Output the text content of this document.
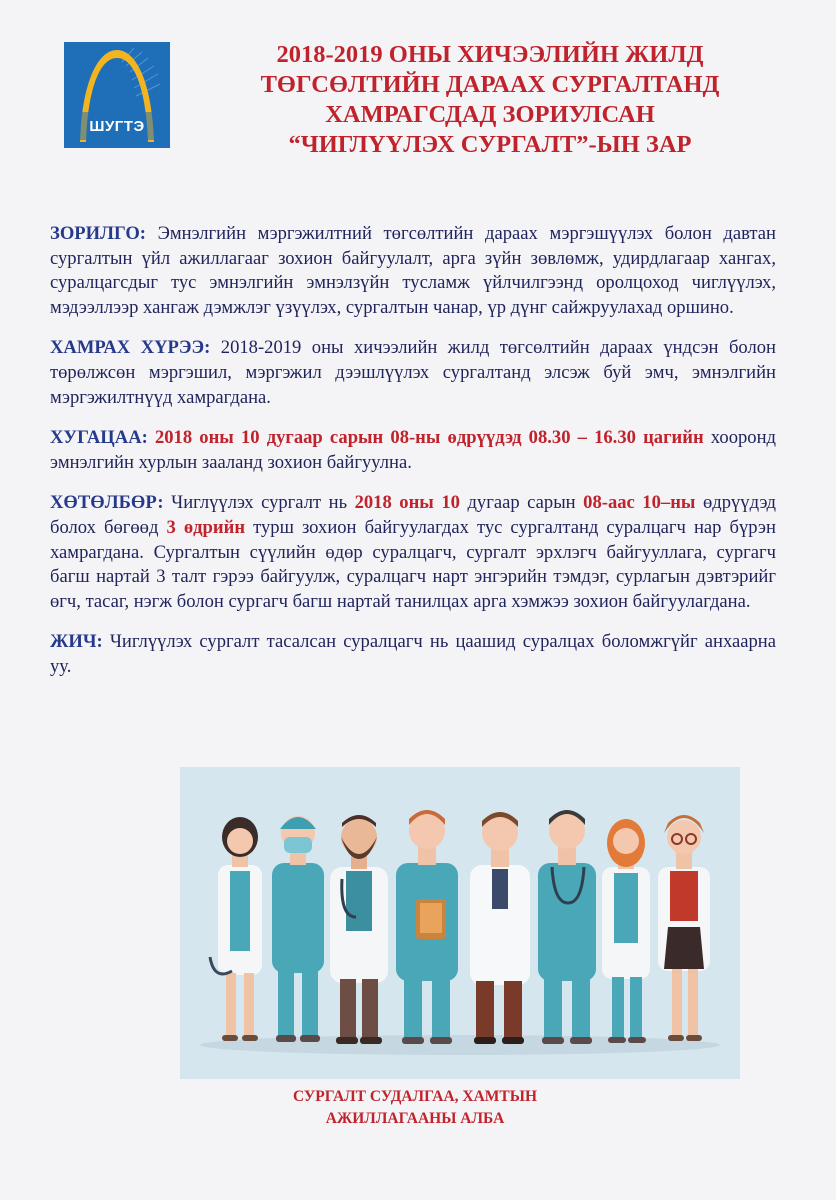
ШУГТЭ
2018-2019 ОНЫ ХИЧЭЭЛИЙН ЖИЛД
ТӨГСӨЛТИЙН ДАРААХ СУРГАЛТАНД
ХАМРАГСДАД ЗОРИУЛСАН
“ЧИГЛҮҮЛЭХ СУРГАЛТ”-ЫН ЗАР

ЗОРИЛГО: Эмнэлгийн мэргэжилтний төгсөлтийн дараах мэргэшүүлэх болон давтан сургалтын үйл ажиллагааг зохион байгуулалт, арга зүйн зөвлөмж, удирдлагаар хангах, суралцагсдыг тус эмнэлгийн эмнэлзүйн тусламж үйлчилгээнд оролцоход чиглүүлэх, мэдээллээр хангаж дэмжлэг үзүүлэх, сургалтын чанар, үр дүнг сайжруулахад оршино.

ХАМРАХ ХҮРЭЭ: 2018-2019 оны хичээлийн жилд төгсөлтийн дараах үндсэн болон төрөлжсөн мэргэшил, мэргэжил дээшлүүлэх сургалтанд элсэж буй эмч, эмнэлгийн мэргэжилтнүүд хамрагдана.

ХУГАЦАА: 2018 оны 10 дугаар сарын 08-ны өдрүүдэд 08.30 – 16.30 цагийн хооронд эмнэлгийн хурлын зааланд зохион байгуулна.

ХӨТӨЛБӨР: Чиглүүлэх сургалт нь 2018 оны 10 дугаар сарын 08-аас 10–ны өдрүүдэд болох бөгөөд 3 өдрийн турш зохион байгуулагдах тус сургалтанд суралцагч нар бүрэн хамрагдана. Сургалтын сүүлийн өдөр суралцагч, сургалт эрхлэгч байгууллага, сургагч багш нартай 3 талт гэрээ байгуулж, суралцагч нарт энгэрийн тэмдэг, сурлагын дэвтэрийг өгч, тасаг, нэгж болон сургагч багш нартай танилцах арга хэмжээ зохион байгуулагдана.

ЖИЧ: Чиглүүлэх сургалт тасалсан суралцагч нь цаашид суралцах боломжгүйг анхаарна уу.

СУРГАЛТ СУДАЛГАА, ХАМТЫН
АЖИЛЛАГААНЫ АЛБА
